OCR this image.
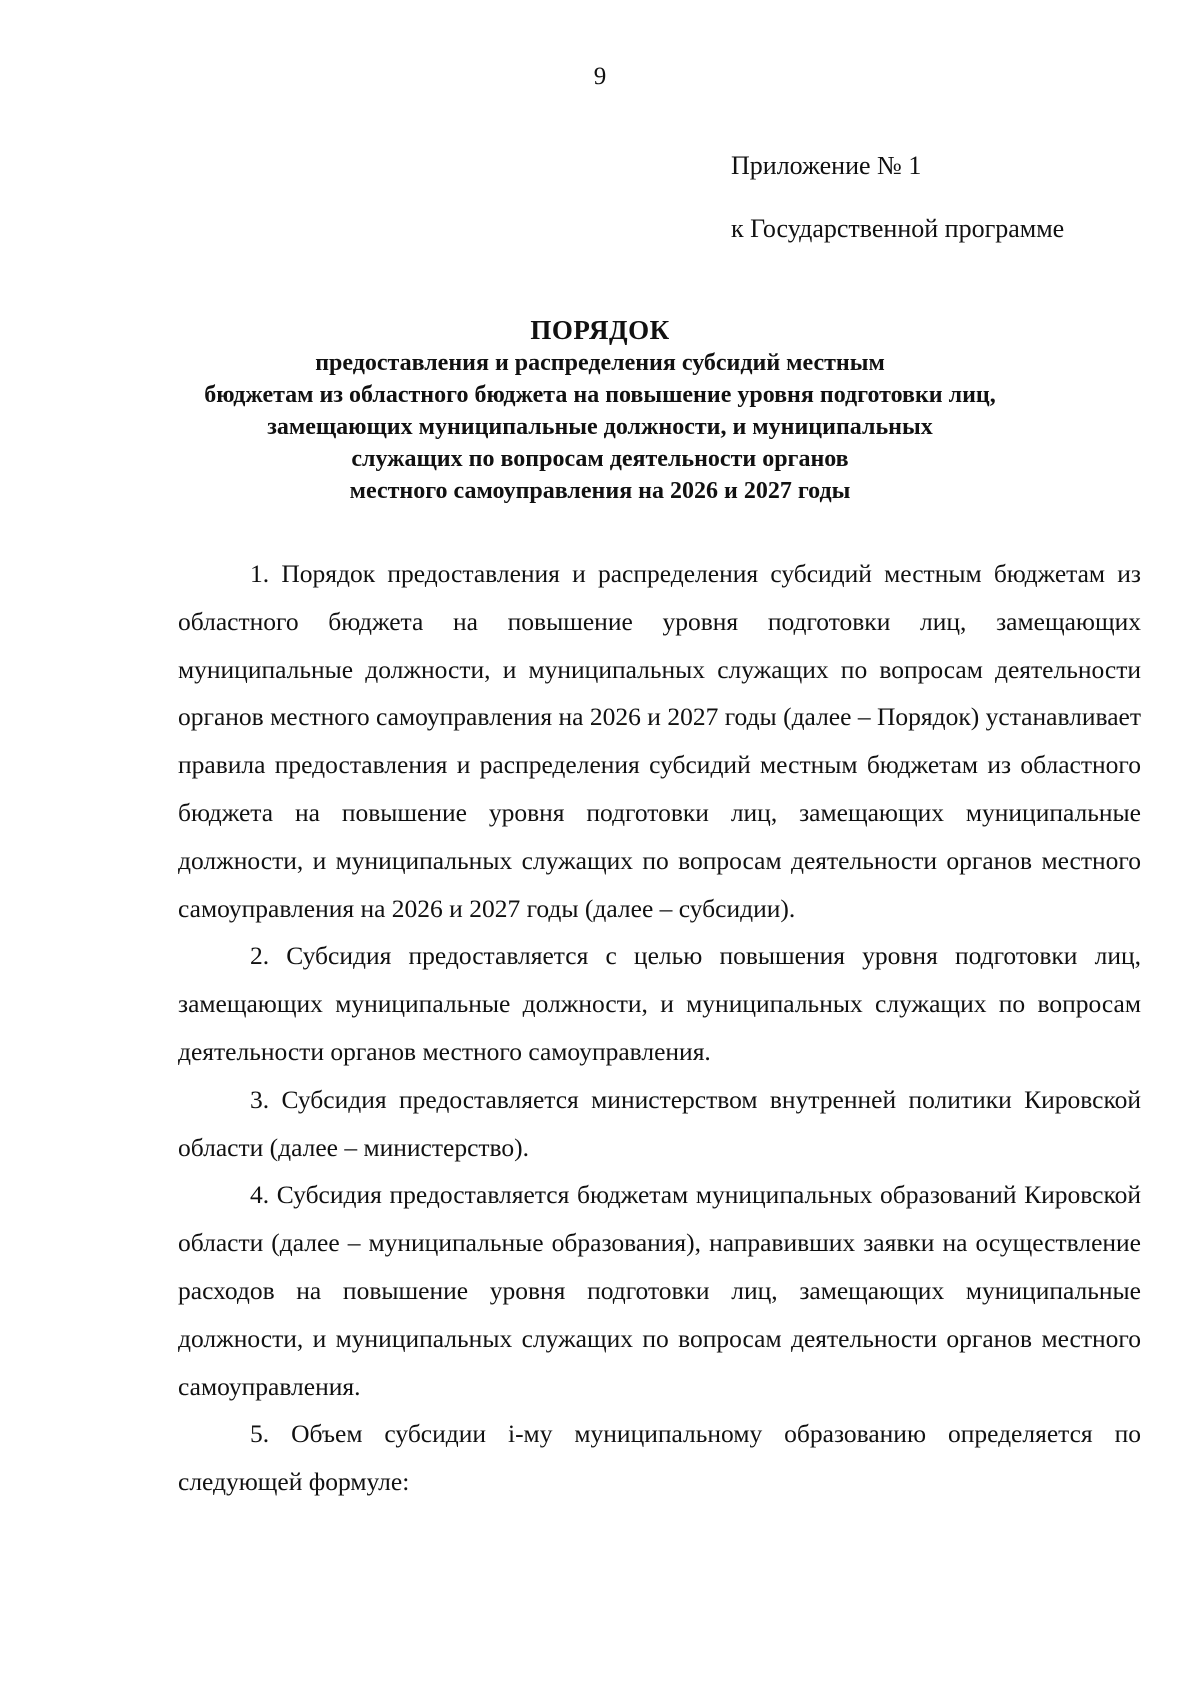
9
Приложение № 1
к Государственной программе
ПОРЯДОК
предоставления и распределения субсидий местным
бюджетам из областного бюджета на повышение уровня подготовки лиц,
замещающих муниципальные должности, и муниципальных
служащих по вопросам деятельности органов
местного самоуправления на 2026 и 2027 годы

1. Порядок предоставления и распределения субсидий местным бюджетам из областного бюджета на повышение уровня подготовки лиц, замещающих муниципальные должности, и муниципальных служащих по вопросам деятельности органов местного самоуправления на 2026 и 2027 годы (далее – Порядок) устанавливает правила предоставления и распределения субсидий местным бюджетам из областного бюджета на повышение уровня подготовки лиц, замещающих муниципальные должности, и муниципальных служащих по вопросам деятельности органов местного самоуправления на 2026 и 2027 годы (далее – субсидии).

2. Субсидия предоставляется с целью повышения уровня подготовки лиц, замещающих муниципальные должности, и муниципальных служащих по вопросам деятельности органов местного самоуправления.

3. Субсидия предоставляется министерством внутренней политики Кировской области (далее – министерство).

4. Субсидия предоставляется бюджетам муниципальных образований Кировской области (далее – муниципальные образования), направивших заявки на осуществление расходов на повышение уровня подготовки лиц, замещающих муниципальные должности, и муниципальных служащих по вопросам деятельности органов местного самоуправления.

5. Объем субсидии i-му муниципальному образованию определяется по следующей формуле:
